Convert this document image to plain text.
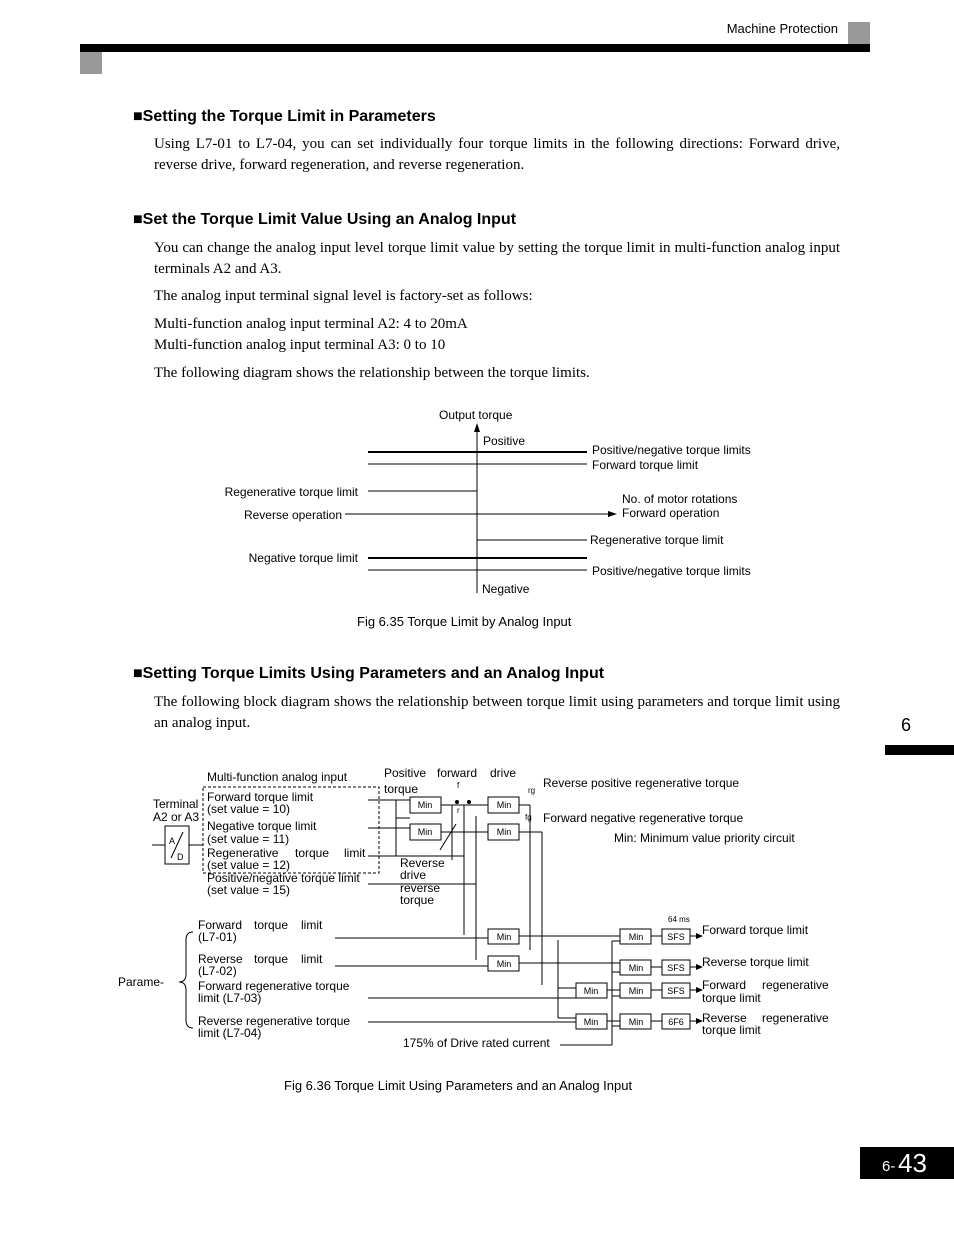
Machine Protection
■Setting the Torque Limit in Parameters
Using L7-01 to L7-04, you can set individually four torque limits in the following directions: Forward drive, reverse drive, forward regeneration, and reverse regeneration.
■Set the Torque Limit Value Using an Analog Input
You can change the analog input level torque limit value by setting the torque limit in multi-function analog input terminals A2 and A3.
The analog input terminal signal level is factory-set as follows:
Multi-function analog input terminal A2: 4 to 20mA
Multi-function analog input terminal A3: 0 to 10
The following diagram shows the relationship between the torque limits.
Output torque
Positive
Positive/negative torque limits
Forward torque limit
Regenerative torque limit	No. of motor rotations
Reverse operation	Forward operation
Regenerative torque limit
Negative torque limit
Positive/negative torque limits
Negative
Fig 6.35 Torque Limit by Analog Input
■Setting Torque Limits Using Parameters and an Analog Input
The following block diagram shows the relationship between torque limit using parameters and torque limit using an analog input.	6
Min
Min
Min
Min
Min
Min
Min
Min
Min
Min
Min
Min
SFS
SFS
SFS
6F6
f
r
rg
fg
64 ms
Multi-function analog input
Terminal
A2 or A3
A
D
Forward torque limit
(set value = 10)
Negative torque limit
(set value = 11)
Regenerative torque limit
(set value = 12)
Positive/negative torque limit
(set value = 15)
Positive forward drive
torque	Reverse positive regenerative torque
Forward negative regenerative torque
Min: Minimum value priority circuit
Reverse
drive
reverse
torque
Forward torque limit
(L7-01)
Reverse torque limit
(L7-02)
Parame-	Forward regenerative torque
limit (L7-03)
Reverse regenerative torque
limit (L7-04)
175% of Drive rated current
Forward torque limit
Reverse torque limit
Forward regenerative
torque limit
Reverse regenerative
torque limit
Fig 6.36 Torque Limit Using Parameters and an Analog Input
6- 43
